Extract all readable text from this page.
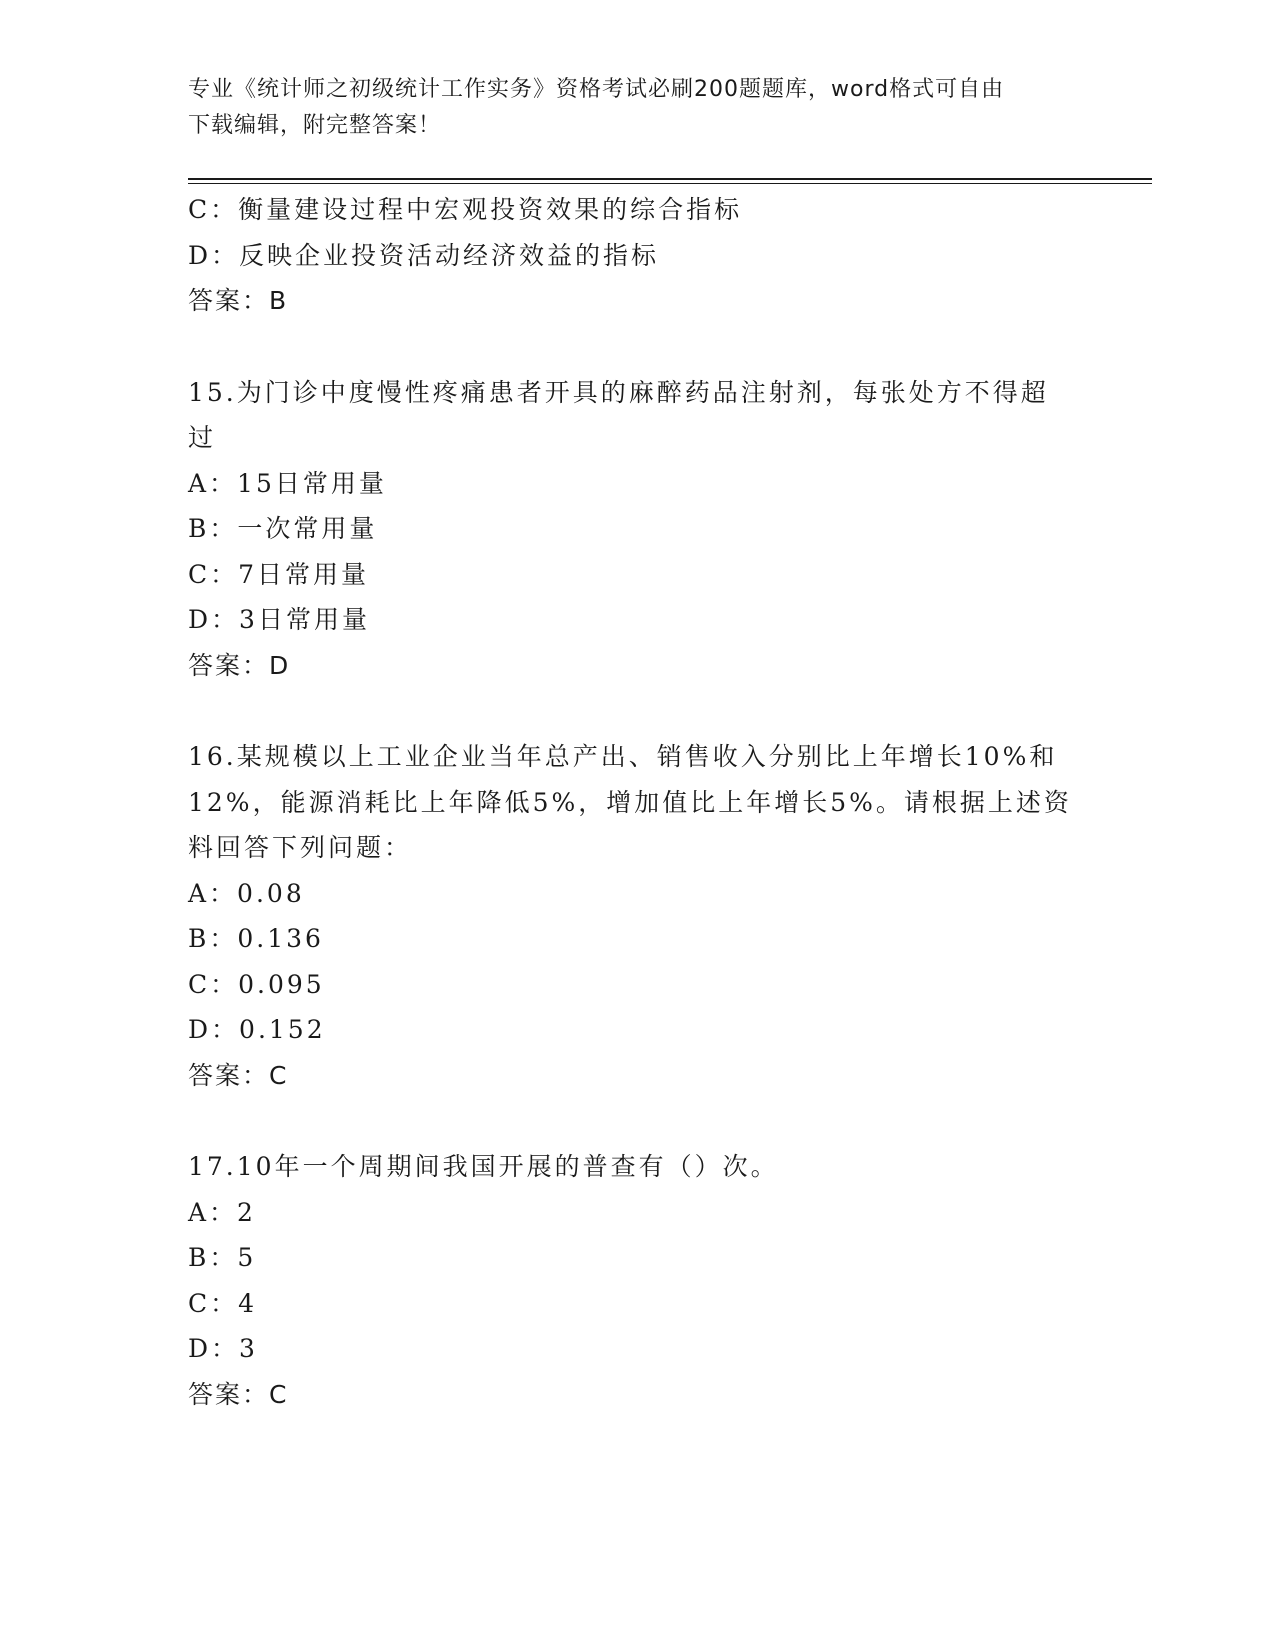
专业《统计师之初级统计工作实务》资格考试必刷200题题库，word格式可自由
下载编辑，附完整答案！
C：衡量建设过程中宏观投资效果的综合指标
D：反映企业投资活动经济效益的指标
答案：B
15.为门诊中度慢性疼痛患者开具的麻醉药品注射剂，每张处方不得超
过
A：15日常用量
B：一次常用量
C：7日常用量
D：3日常用量
答案：D
16.某规模以上工业企业当年总产出、销售收入分别比上年增长10%和
12%，能源消耗比上年降低5%，增加值比上年增长5%。请根据上述资
料回答下列问题：
A：0.08
B：0.136
C：0.095
D：0.152
答案：C
17.10年一个周期间我国开展的普查有（）次。
A：2
B：5
C：4
D：3
答案：C
